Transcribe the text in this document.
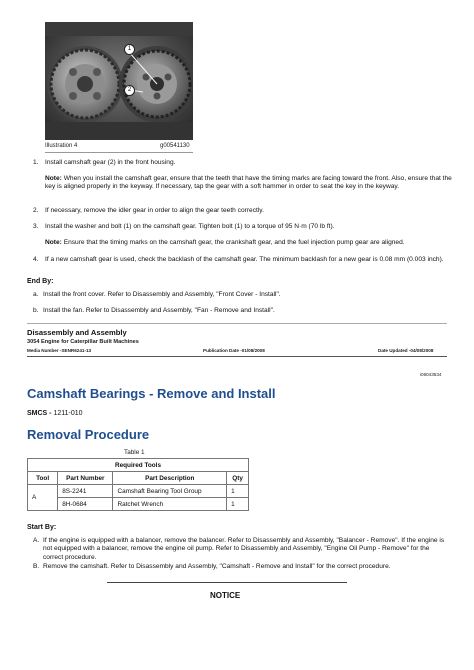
1
2
Illustration 4	g00541130
1. Install camshaft gear (2) in the front housing.
Note: When you install the camshaft gear, ensure that the teeth that have the timing marks are facing toward the front. Also, ensure that the key is aligned properly in the keyway. If necessary, tap the gear with a soft hammer in order to seat the key in the keyway.
2. If necessary, remove the idler gear in order to align the gear teeth correctly.
3. Install the washer and bolt (1) on the camshaft gear. Tighten bolt (1) to a torque of 95 N·m (70 lb ft).
Note: Ensure that the timing marks on the camshaft gear, the crankshaft gear, and the fuel injection pump gear are aligned.
4. If a new camshaft gear is used, check the backlash of the camshaft gear. The minimum backlash for a new gear is 0.08 mm (0.003 inch).
End By:
a. Install the front cover. Refer to Disassembly and Assembly, "Front Cover - Install".
b. Install the fan. Refer to Disassembly and Assembly, "Fan - Remove and Install".
Disassembly and Assembly
3054 Engine for Caterpillar Built Machines
Media Number -SENR6241-13	Publication Date -01/08/2008	Date Updated -04/08/2008
i06043534
Camshaft Bearings - Remove and Install
SMCS - 1211-010
Removal Procedure
Table 1
Required Tools			
Tool	Part Number	Part Description	Qty
A	8S-2241	Camshaft Bearing Tool Group	1
	8H-0684	Ratchet Wrench	1
Start By:
A. If the engine is equipped with a balancer, remove the balancer. Refer to Disassembly and Assembly, "Balancer - Remove". If the engine is not equipped with a balancer, remove the engine oil pump. Refer to Disassembly and Assembly, "Engine Oil Pump - Remove" for the correct procedure.
B. Remove the camshaft. Refer to Disassembly and Assembly, "Camshaft - Remove and Install" for the correct procedure.
NOTICE
